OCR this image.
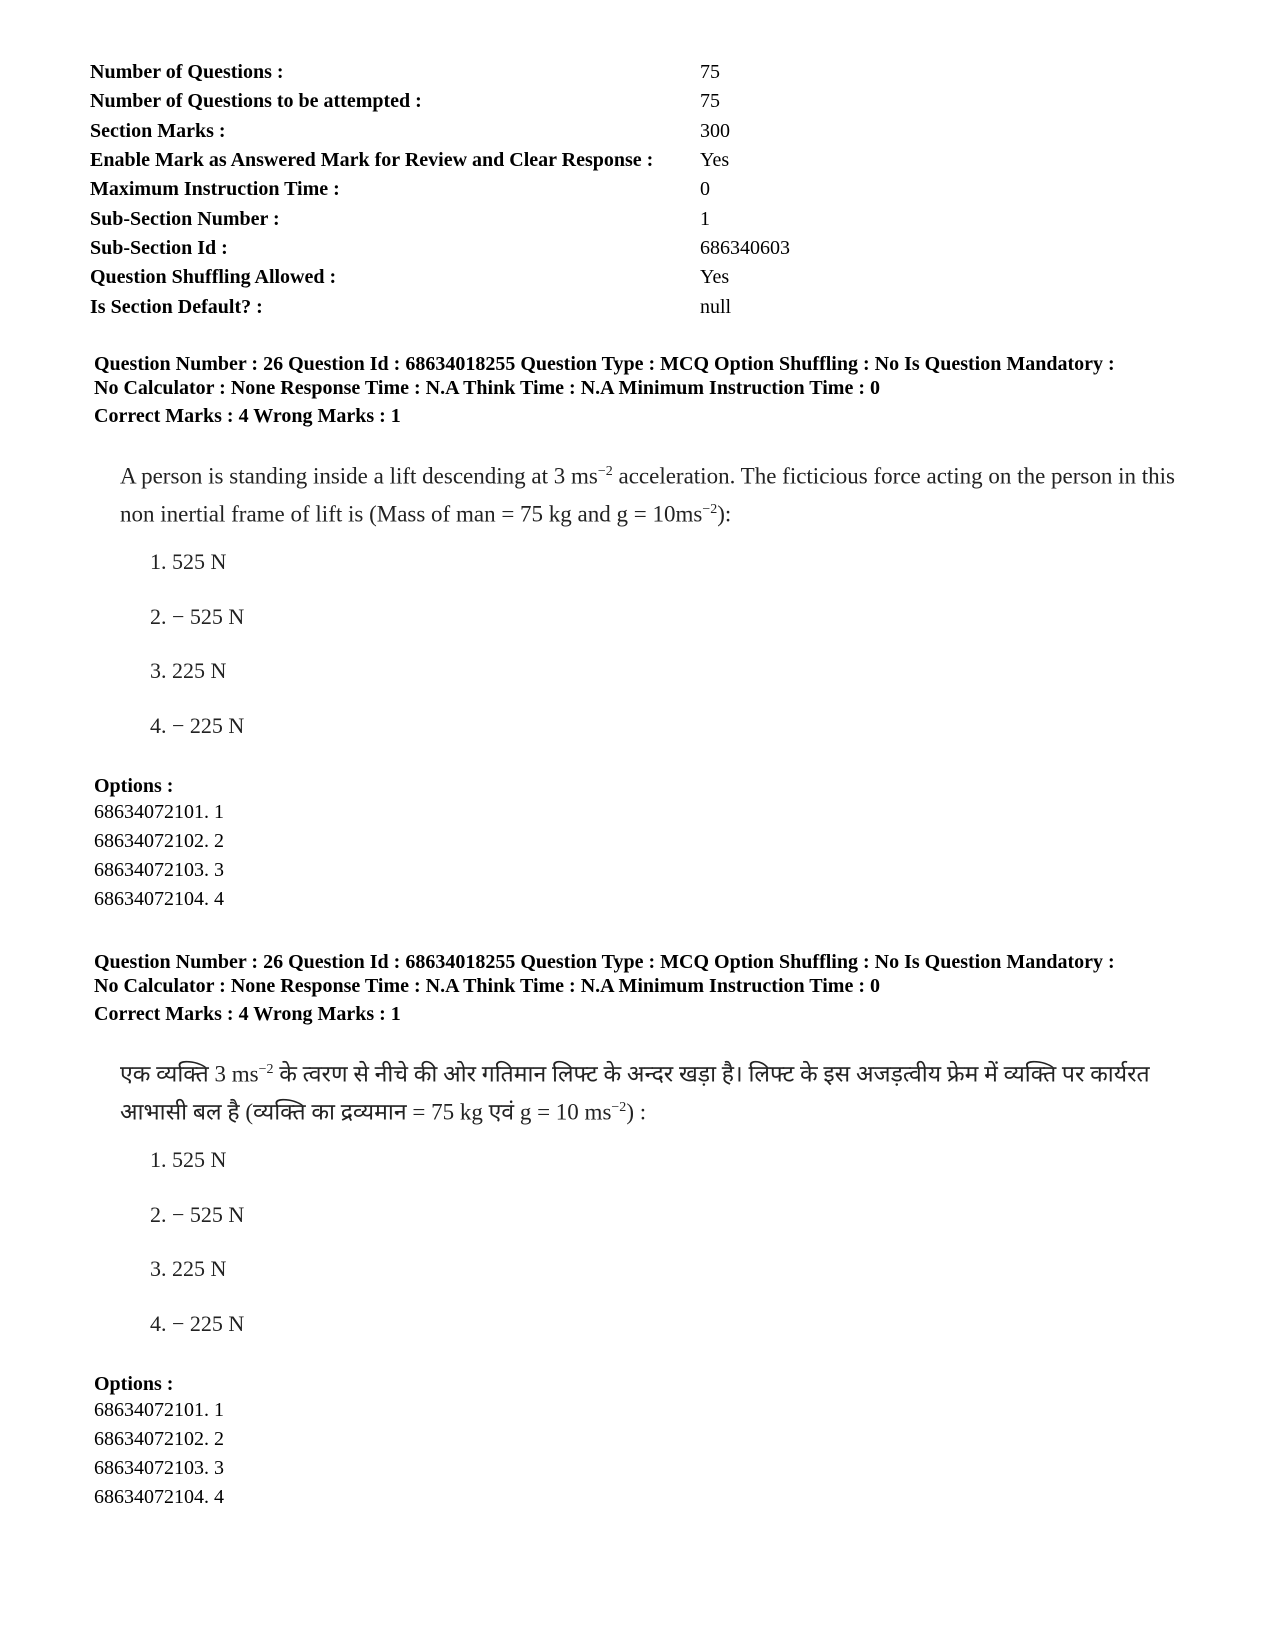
Number of Questions :	75
Number of Questions to be attempted :	75
Section Marks :	300
Enable Mark as Answered Mark for Review and Clear Response :	Yes
Maximum Instruction Time :	0
Sub-Section Number :	1
Sub-Section Id :	686340603
Question Shuffling Allowed :	Yes
Is Section Default? :	null
Question Number : 26 Question Id : 68634018255 Question Type : MCQ Option Shuffling : No Is Question Mandatory :
No Calculator : None Response Time : N.A Think Time : N.A Minimum Instruction Time : 0
Correct Marks : 4 Wrong Marks : 1
A person is standing inside a lift descending at 3 $ms^{-2}$ acceleration. The ficticious force acting on the person in this non inertial frame of lift is (Mass of man = 75 kg and $g = 10ms^{-2}$):
1. 525 N
2. − 525 N
3. 225 N
4. − 225 N
Options :
68634072101. 1
68634072102. 2
68634072103. 3
68634072104. 4
Question Number : 26 Question Id : 68634018255 Question Type : MCQ Option Shuffling : No Is Question Mandatory :
No Calculator : None Response Time : N.A Think Time : N.A Minimum Instruction Time : 0
Correct Marks : 4 Wrong Marks : 1
एक व्यक्ति 3 $ms^{-2}$ के त्वरण से नीचे की ओर गतिमान लिफ्ट के अन्दर खड़ा है। लिफ्ट के इस अजड़त्वीय फ्रेम में व्यक्ति पर कार्यरत आभासी बल है (व्यक्ति का द्रव्यमान = 75 kg एवं g = 10 $ms^{-2}$) :
1. 525 N
2. − 525 N
3. 225 N
4. − 225 N
Options :
68634072101. 1
68634072102. 2
68634072103. 3
68634072104. 4
